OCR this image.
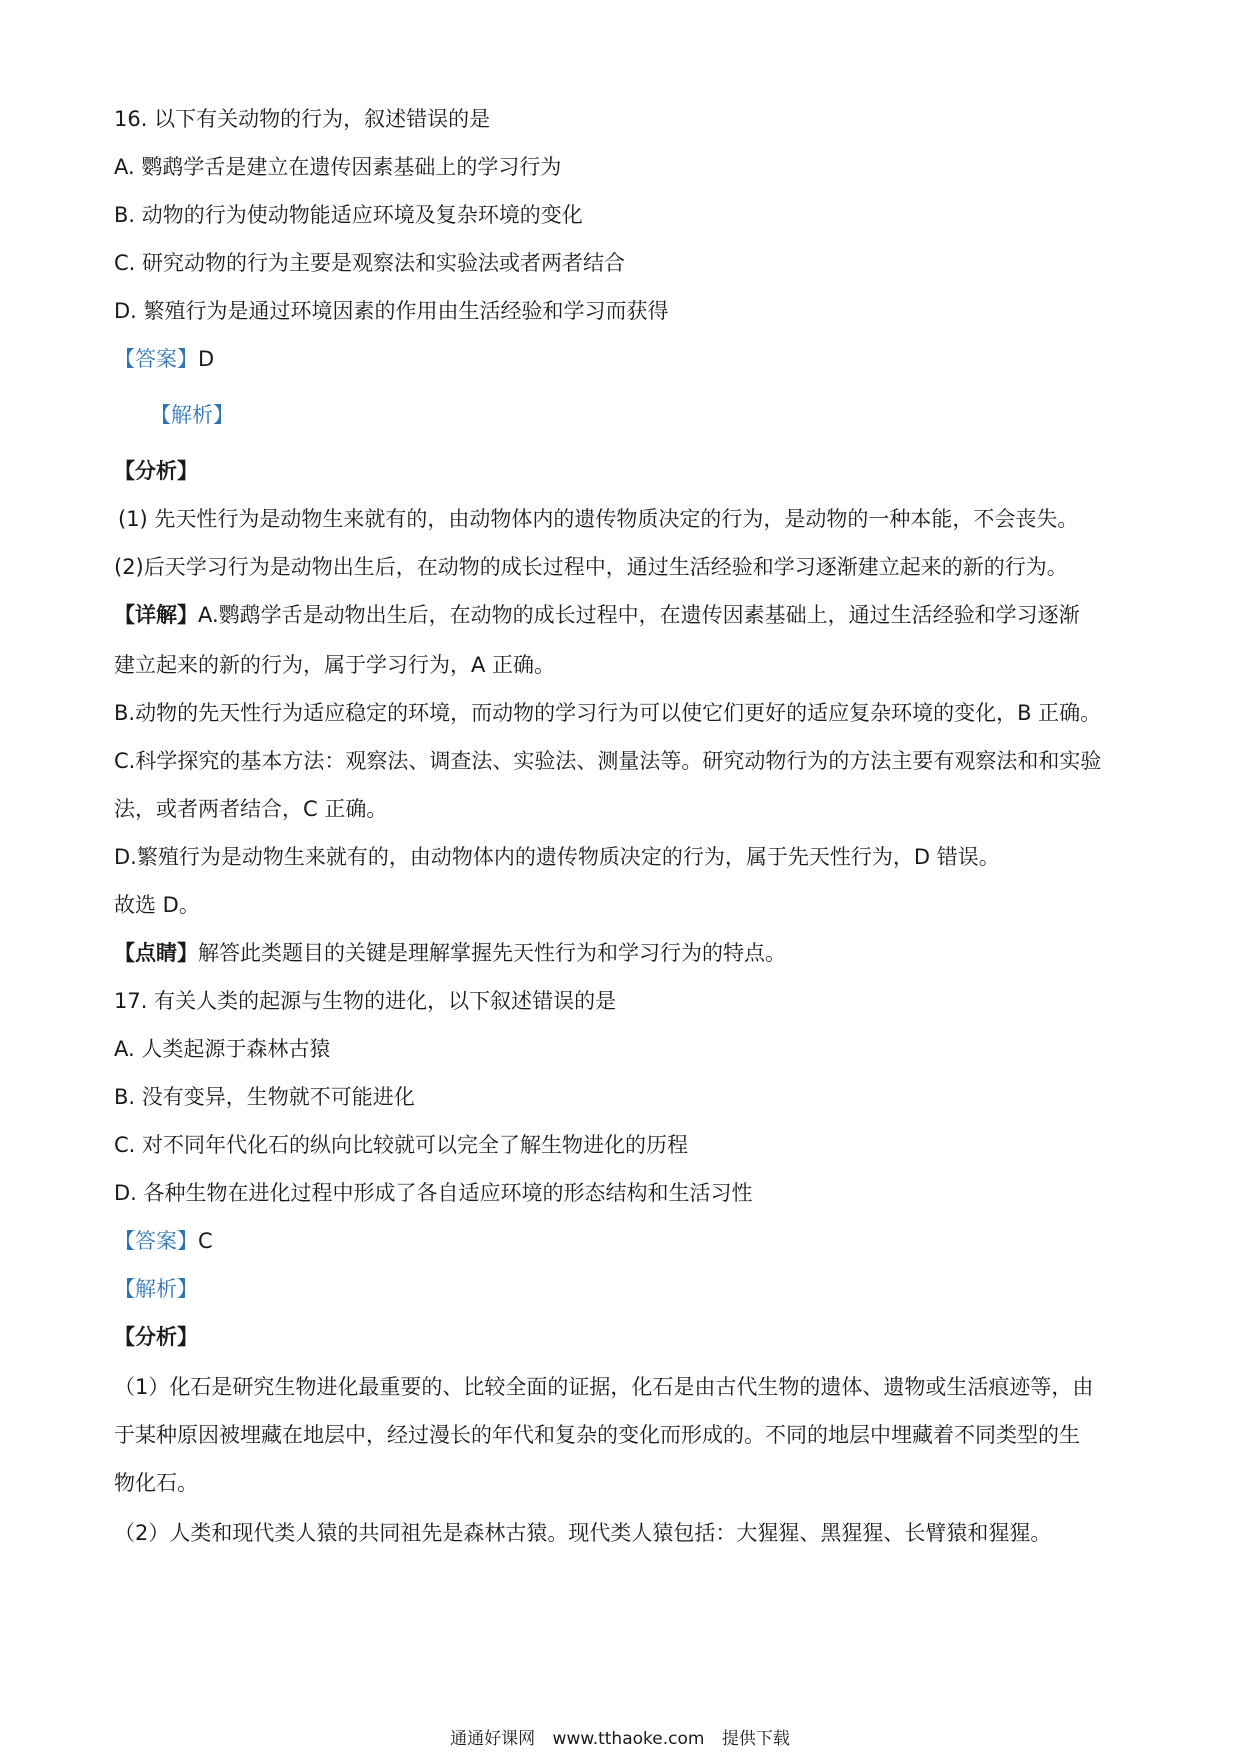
16. 以下有关动物的行为，叙述错误的是
A. 鹦鹉学舌是建立在遗传因素基础上的学习行为
B. 动物的行为使动物能适应环境及复杂环境的变化
C. 研究动物的行为主要是观察法和实验法或者两者结合
D. 繁殖行为是通过环境因素的作用由生活经验和学习而获得
【答案】D
【解析】
【分析】
(1) 先天性行为是动物生来就有的，由动物体内的遗传物质决定的行为，是动物的一种本能，不会丧失。
(2)后天学习行为是动物出生后，在动物的成长过程中，通过生活经验和学习逐渐建立起来的新的行为。
【详解】A.鹦鹉学舌是动物出生后，在动物的成长过程中，在遗传因素基础上，通过生活经验和学习逐渐
建立起来的新的行为，属于学习行为，A 正确。
B.动物的先天性行为适应稳定的环境，而动物的学习行为可以使它们更好的适应复杂环境的变化，B 正确。
C.科学探究的基本方法：观察法、调查法、实验法、测量法等。研究动物行为的方法主要有观察法和和实验
法，或者两者结合，C 正确。
D.繁殖行为是动物生来就有的，由动物体内的遗传物质决定的行为，属于先天性行为，D 错误。
故选 D。
【点睛】解答此类题目的关键是理解掌握先天性行为和学习行为的特点。
17. 有关人类的起源与生物的进化，以下叙述错误的是
A. 人类起源于森林古猿
B. 没有变异，生物就不可能进化
C. 对不同年代化石的纵向比较就可以完全了解生物进化的历程
D. 各种生物在进化过程中形成了各自适应环境的形态结构和生活习性
【答案】C
【解析】
【分析】
（1）化石是研究生物进化最重要的、比较全面的证据，化石是由古代生物的遗体、遗物或生活痕迹等，由
于某种原因被埋藏在地层中，经过漫长的年代和复杂的变化而形成的。不同的地层中埋藏着不同类型的生
物化石。
（2）人类和现代类人猿的共同祖先是森林古猿。现代类人猿包括：大猩猩、黑猩猩、长臂猿和猩猩。
通通好课网 www.tthaoke.com 提供下载
